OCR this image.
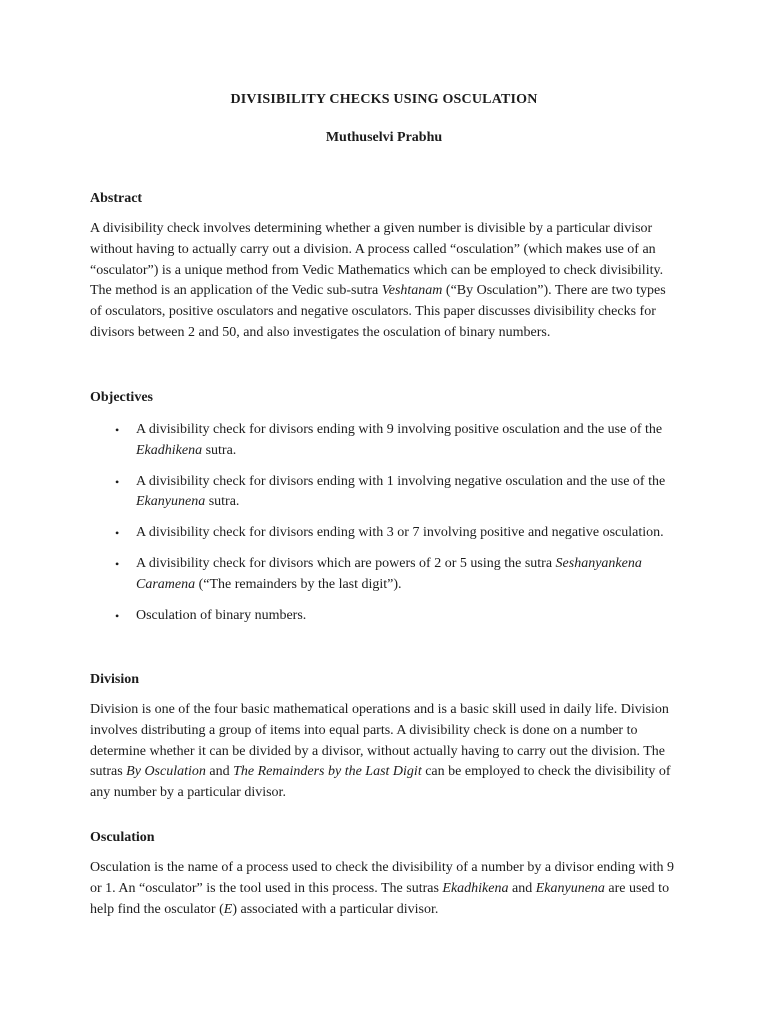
DIVISIBILITY CHECKS USING OSCULATION
Muthuselvi Prabhu
Abstract

A divisibility check involves determining whether a given number is divisible by a particular divisor without having to actually carry out a division. A process called “osculation” (which makes use of an “osculator”) is a unique method from Vedic Mathematics which can be employed to check divisibility. The method is an application of the Vedic sub-sutra Veshtanam (“By Osculation”). There are two types of osculators, positive osculators and negative osculators. This paper discusses divisibility checks for divisors between 2 and 50, and also investigates the osculation of binary numbers.

Objectives
• A divisibility check for divisors ending with 9 involving positive osculation and the use of the Ekadhikena sutra.
• A divisibility check for divisors ending with 1 involving negative osculation and the use of the Ekanyunena sutra.
• A divisibility check for divisors ending with 3 or 7 involving positive and negative osculation.
• A divisibility check for divisors which are powers of 2 or 5 using the sutra Seshanyankena Caramena (“The remainders by the last digit”).
• Osculation of binary numbers.
Division

Division is one of the four basic mathematical operations and is a basic skill used in daily life. Division involves distributing a group of items into equal parts. A divisibility check is done on a number to determine whether it can be divided by a divisor, without actually having to carry out the division. The sutras By Osculation and The Remainders by the Last Digit can be employed to check the divisibility of any number by a particular divisor.

Osculation

Osculation is the name of a process used to check the divisibility of a number by a divisor ending with 9 or 1. An “osculator” is the tool used in this process. The sutras Ekadhikena and Ekanyunena are used to help find the osculator (E) associated with a particular divisor.
